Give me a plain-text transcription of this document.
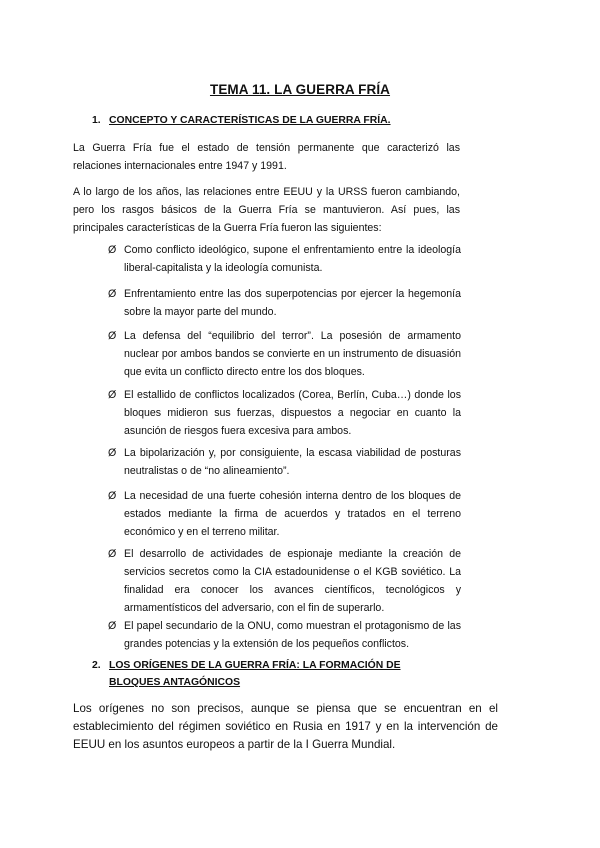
TEMA 11. LA GUERRA FRÍA
1. CONCEPTO Y CARACTERÍSTICAS DE LA GUERRA FRÍA.

La Guerra Fría fue el estado de tensión permanente que caracterizó las relaciones internacionales entre 1947 y 1991.

A lo largo de los años, las relaciones entre EEUU y la URSS fueron cambiando, pero los rasgos básicos de la Guerra Fría se mantuvieron. Así pues, las principales características de la Guerra Fría fueron las siguientes:

Ø Como conflicto ideológico, supone el enfrentamiento entre la ideología liberal-capitalista y la ideología comunista.
Ø Enfrentamiento entre las dos superpotencias por ejercer la hegemonía sobre la mayor parte del mundo.
Ø La defensa del “equilibrio del terror”. La posesión de armamento nuclear por ambos bandos se convierte en un instrumento de disuasión que evita un conflicto directo entre los dos bloques.
Ø El estallido de conflictos localizados (Corea, Berlín, Cuba…) donde los bloques midieron sus fuerzas, dispuestos a negociar en cuanto la asunción de riesgos fuera excesiva para ambos.
Ø La bipolarización y, por consiguiente, la escasa viabilidad de posturas neutralistas o de “no alineamiento”.
Ø La necesidad de una fuerte cohesión interna dentro de los bloques de estados mediante la firma de acuerdos y tratados en el terreno económico y en el terreno militar.
Ø El desarrollo de actividades de espionaje mediante la creación de servicios secretos como la CIA estadounidense o el KGB soviético. La finalidad era conocer los avances científicos, tecnológicos y armamentísticos del adversario, con el fin de superarlo.
Ø El papel secundario de la ONU, como muestran el protagonismo de las grandes potencias y la extensión de los pequeños conflictos.
2. LOS ORÍGENES DE LA GUERRA FRÍA: LA FORMACIÓN DE
BLOQUES ANTAGÓNICOS

Los orígenes no son precisos, aunque se piensa que se encuentran en el establecimiento del régimen soviético en Rusia en 1917 y en la intervención de EEUU en los asuntos europeos a partir de la I Guerra Mundial.
